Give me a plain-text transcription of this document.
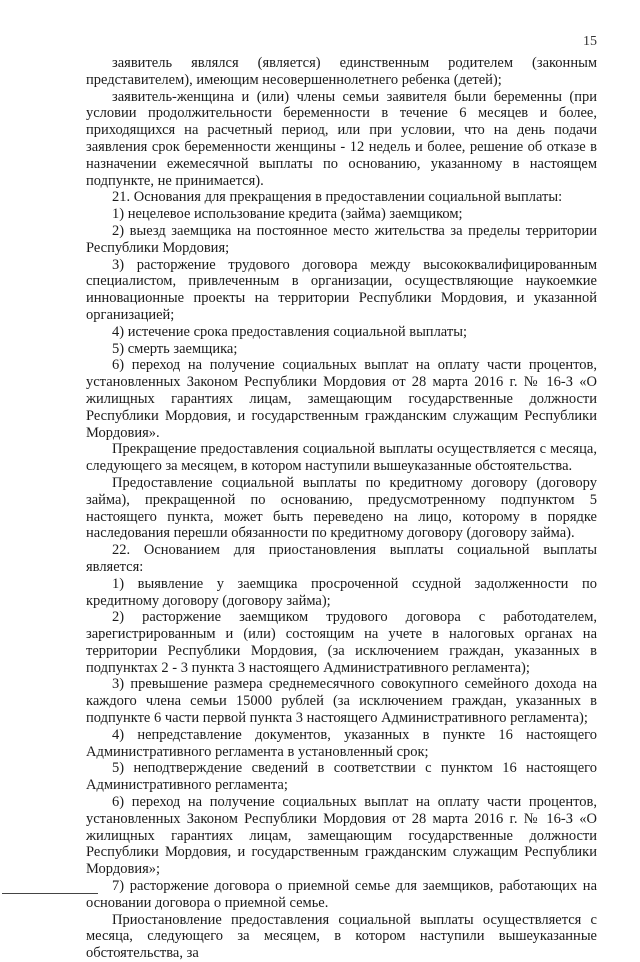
15

заявитель являлся (является) единственным родителем (законным представителем), имеющим несовершеннолетнего ребенка (детей);

заявитель-женщина и (или) члены семьи заявителя были беременны (при условии продолжительности беременности в течение 6 месяцев и более, приходящихся на расчетный период, или при условии, что на день подачи заявления срок беременности женщины - 12 недель и более, решение об отказе в назначении ежемесячной выплаты по основанию, указанному в настоящем подпункте, не принимается).

21. Основания для прекращения в предоставлении социальной выплаты:

1) нецелевое использование кредита (займа) заемщиком;

2) выезд заемщика на постоянное место жительства за пределы территории Республики Мордовия;

3) расторжение трудового договора между высококвалифицированным специалистом, привлеченным в организации, осуществляющие наукоемкие инновационные проекты на территории Республики Мордовия, и указанной организацией;

4) истечение срока предоставления социальной выплаты;

5) смерть заемщика;

6) переход на получение социальных выплат на оплату части процентов, установленных Законом Республики Мордовия от 28 марта 2016 г. № 16-З «О жилищных гарантиях лицам, замещающим государственные должности Республики Мордовия, и государственным гражданским служащим Республики Мордовия».

Прекращение предоставления социальной выплаты осуществляется с месяца, следующего за месяцем, в котором наступили вышеуказанные обстоятельства.

Предоставление социальной выплаты по кредитному договору (договору займа), прекращенной по основанию, предусмотренному подпунктом 5 настоящего пункта, может быть переведено на лицо, которому в порядке наследования перешли обязанности по кредитному договору (договору займа).

22. Основанием для приостановления выплаты социальной выплаты является:

1) выявление у заемщика просроченной ссудной задолженности по кредитному договору (договору займа);

2) расторжение заемщиком трудового договора с работодателем, зарегистрированным и (или) состоящим на учете в налоговых органах на территории Республики Мордовия, (за исключением граждан, указанных в подпунктах 2 - 3 пункта 3 настоящего Административного регламента);

3) превышение размера среднемесячного совокупного семейного дохода на каждого члена семьи 15000 рублей (за исключением граждан, указанных в подпункте 6 части первой пункта 3 настоящего Административного регламента);

4) непредставление документов, указанных в пункте 16 настоящего Административного регламента в установленный срок;

5) неподтверждение сведений в соответствии с пунктом 16 настоящего Административного регламента;

6) переход на получение социальных выплат на оплату части процентов, установленных Законом Республики Мордовия от 28 марта 2016 г. № 16-З «О жилищных гарантиях лицам, замещающим государственные должности Республики Мордовия, и государственным гражданским служащим Республики Мордовия»;

7) расторжение договора о приемной семье для заемщиков, работающих на основании договора о приемной семье.

Приостановление предоставления социальной выплаты осуществляется с месяца, следующего за месяцем, в котором наступили вышеуказанные обстоятельства, за
